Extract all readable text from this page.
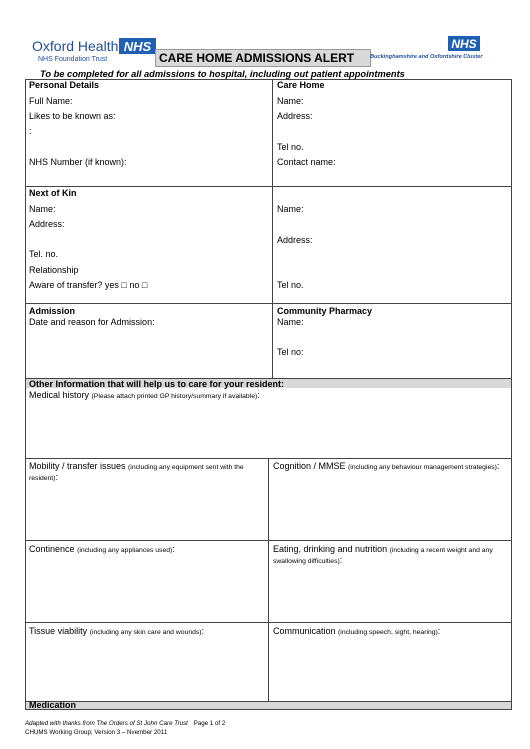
Oxford Health
NHS Foundation Trust
NHS
CARE HOME ADMISSIONS ALERT
NHS
Buckinghamshire and Oxfordshire Cluster
To be completed for all admissions to hospital, including out patient appointments
Personal Details
Full Name:
Likes to be known as:
:
NHS Number (if known):
Care Home
Name:
Address:
Tel no.
Contact name:
Next of Kin
Name:
Address:
Tel. no.
Relationship
Aware of transfer? yes □ no □
Name:
Address:
Tel no.
Admission
Date and reason for Admission:
Community Pharmacy
Name:
Tel no:
Other Information that will help us to care for your resident:
Medical history (Please attach printed GP history/summary if available):
Mobility / transfer issues (including any equipment sent with the
resident):
Cognition / MMSE (including any behaviour management strategies):
Continence (including any appliances used):	Eating, drinking and nutrition (including a recent weight and any
swallowing difficulties):
Tissue viability (including any skin care and wounds):	Communication (including speech, sight, hearing):
Medication
Adapted with thanks from The Orders of St John Care Trust Page 1 of 2
CHUMS Working Group; Version 3 – Nvember 2011
